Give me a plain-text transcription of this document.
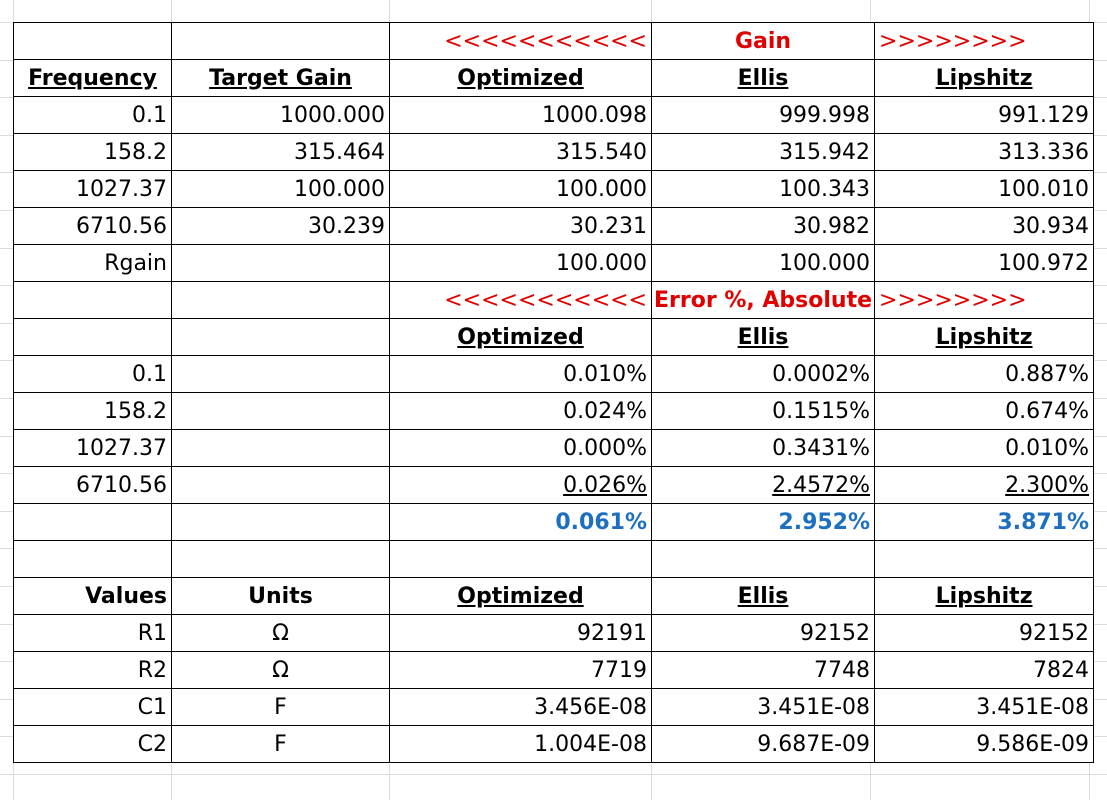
		<<<<<<<<<<<	Gain	>>>>>>>>
Frequency	Target Gain	Optimized	Ellis	Lipshitz
0.1	1000.000	1000.098	999.998	991.129
158.2	315.464	315.540	315.942	313.336
1027.37	100.000	100.000	100.343	100.010
6710.56	30.239	30.231	30.982	30.934
Rgain		100.000	100.000	100.972
		<<<<<<<<<<<	Error %, Absolute	>>>>>>>>
		Optimized	Ellis	Lipshitz
0.1		0.010%	0.0002%	0.887%
158.2		0.024%	0.1515%	0.674%
1027.37		0.000%	0.3431%	0.010%
6710.56		0.026%	2.4572%	2.300%
		0.061%	2.952%	3.871%

Values	Units	Optimized	Ellis	Lipshitz
R1	Ω	92191	92152	92152
R2	Ω	7719	7748	7824
C1	F	3.456E-08	3.451E-08	3.451E-08
C2	F	1.004E-08	9.687E-09	9.586E-09
